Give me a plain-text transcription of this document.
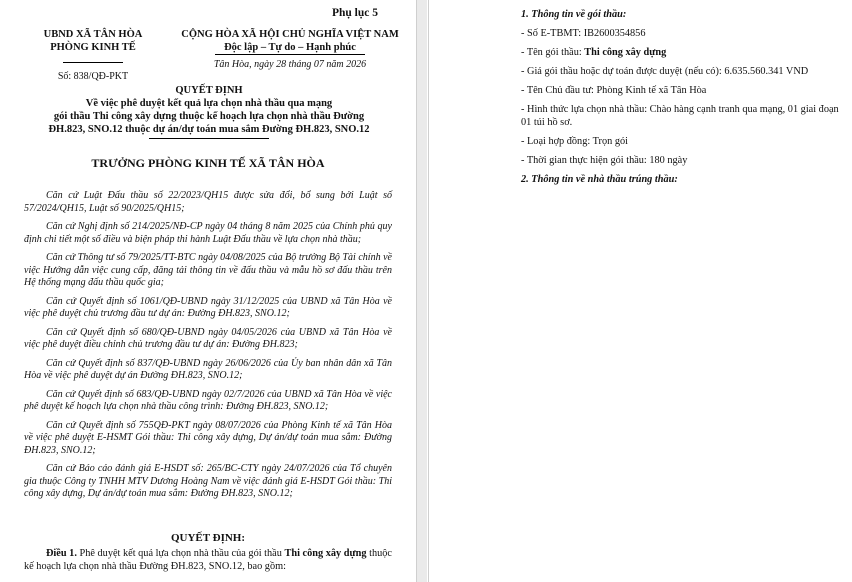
Phụ lục 5
UBND XÃ TÂN HÒA
PHÒNG KINH TẾ
Số: 838/QĐ-PKT
CỘNG HÒA XÃ HỘI CHỦ NGHĨA VIỆT NAM
Độc lập – Tự do – Hạnh phúc
Tân Hòa, ngày 28 tháng 07 năm 2026
QUYẾT ĐỊNH
Về việc phê duyệt kết quả lựa chọn nhà thầu qua mạng
gói thầu Thi công xây dựng thuộc kế hoạch lựa chọn nhà thầu Đường
ĐH.823, SNO.12 thuộc dự án/dự toán mua sắm Đường ĐH.823, SNO.12
TRƯỞNG PHÒNG KINH TẾ XÃ TÂN HÒA

Căn cứ Luật Đấu thầu số 22/2023/QH15 được sửa đổi, bổ sung bởi Luật số 57/2024/QH15, Luật số 90/2025/QH15;

Căn cứ Nghị định số 214/2025/NĐ-CP ngày 04 tháng 8 năm 2025 của Chính phủ quy định chi tiết một số điều và biện pháp thi hành Luật Đấu thầu về lựa chọn nhà thầu;

Căn cứ Thông tư số 79/2025/TT-BTC ngày 04/08/2025 của Bộ trưởng Bộ Tài chính về việc Hướng dẫn việc cung cấp, đăng tải thông tin về đấu thầu và mẫu hồ sơ đấu thầu trên Hệ thống mạng đấu thầu quốc gia;

Căn cứ Quyết định số 1061/QĐ-UBND ngày 31/12/2025 của UBND xã Tân Hòa về việc phê duyệt chủ trương đầu tư dự án: Đường ĐH.823, SNO.12;

Căn cứ Quyết định số 680/QĐ-UBND ngày 04/05/2026 của UBND xã Tân Hòa về việc phê duyệt điều chỉnh chủ trương đầu tư dự án: Đường ĐH.823;

Căn cứ Quyết định số 837/QĐ-UBND ngày 26/06/2026 của Ủy ban nhân dân xã Tân Hòa về việc phê duyệt dự án Đường ĐH.823, SNO.12;

Căn cứ Quyết định số 683/QĐ-UBND ngày 02/7/2026 của UBND xã Tân Hòa về việc phê duyệt kế hoạch lựa chọn nhà thầu công trình: Đường ĐH.823, SNO.12;

Căn cứ Quyết định số 755QĐ-PKT ngày 08/07/2026 của Phòng Kinh tế xã Tân Hòa về việc phê duyệt E-HSMT Gói thầu: Thi công xây dựng, Dự án/dự toán mua sắm: Đường ĐH.823, SNO.12;

Căn cứ Báo cáo đánh giá E-HSDT số: 265/BC-CTY ngày 24/07/2026 của Tổ chuyên gia thuộc Công ty TNHH MTV Dương Hoàng Nam về việc đánh giá E-HSDT Gói thầu: Thi công xây dựng, Dự án/dự toán mua sắm: Đường ĐH.823, SNO.12;

QUYẾT ĐỊNH:
Điều 1. Phê duyệt kết quả lựa chọn nhà thầu của gói thầu Thi công xây dựng thuộc kế hoạch lựa chọn nhà thầu Đường ĐH.823, SNO.12, bao gồm:
1. Thông tin về gói thầu:
- Số E-TBMT: IB2600354856
- Tên gói thầu: Thi công xây dựng
- Giá gói thầu hoặc dự toán được duyệt (nếu có): 6.635.560.341 VND
- Tên Chủ đầu tư: Phòng Kinh tế xã Tân Hòa
- Hình thức lựa chọn nhà thầu: Chào hàng cạnh tranh qua mạng, 01 giai đoạn 01 túi hồ sơ.
- Loại hợp đồng: Trọn gói
- Thời gian thực hiện gói thầu: 180 ngày
2. Thông tin về nhà thầu trúng thầu:
